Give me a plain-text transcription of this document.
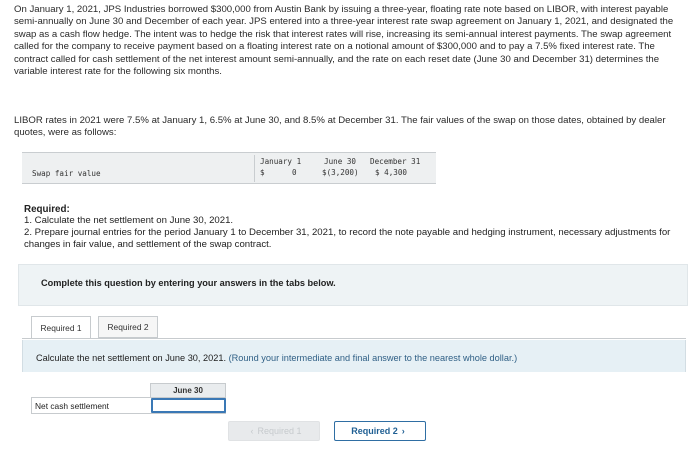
On January 1, 2021, JPS Industries borrowed $300,000 from Austin Bank by issuing a three-year, floating rate note based on LIBOR, with interest payable semi-annually on June 30 and December of each year. JPS entered into a three-year interest rate swap agreement on January 1, 2021, and designated the swap as a cash flow hedge. The intent was to hedge the risk that interest rates will rise, increasing its semi-annual interest payments. The swap agreement called for the company to receive payment based on a floating interest rate on a notional amount of $300,000 and to pay a 7.5% fixed interest rate. The contract called for cash settlement of the net interest amount semi-annually, and the rate on each reset date (June 30 and December 31) determines the variable interest rate for the following six months.

LIBOR rates in 2021 were 7.5% at January 1, 6.5% at June 30, and 8.5% at December 31. The fair values of the swap on those dates, obtained by dealer quotes, were as follows:

Swap fair value
January 1	June 30 December 31
$      0	$(3,200) $ 4,300
Required:
1. Calculate the net settlement on June 30, 2021.
2. Prepare journal entries for the period January 1 to December 31, 2021, to record the note payable and hedging instrument, necessary adjustments for changes in fair value, and settlement of the swap contract.
Complete this question by entering your answers in the tabs below.
Required 1	Required 2
Calculate the net settlement on June 30, 2021. (Round your intermediate and final answer to the nearest whole dollar.)
June 30
Net cash settlement
‹ Required 1	Required 2 ›
